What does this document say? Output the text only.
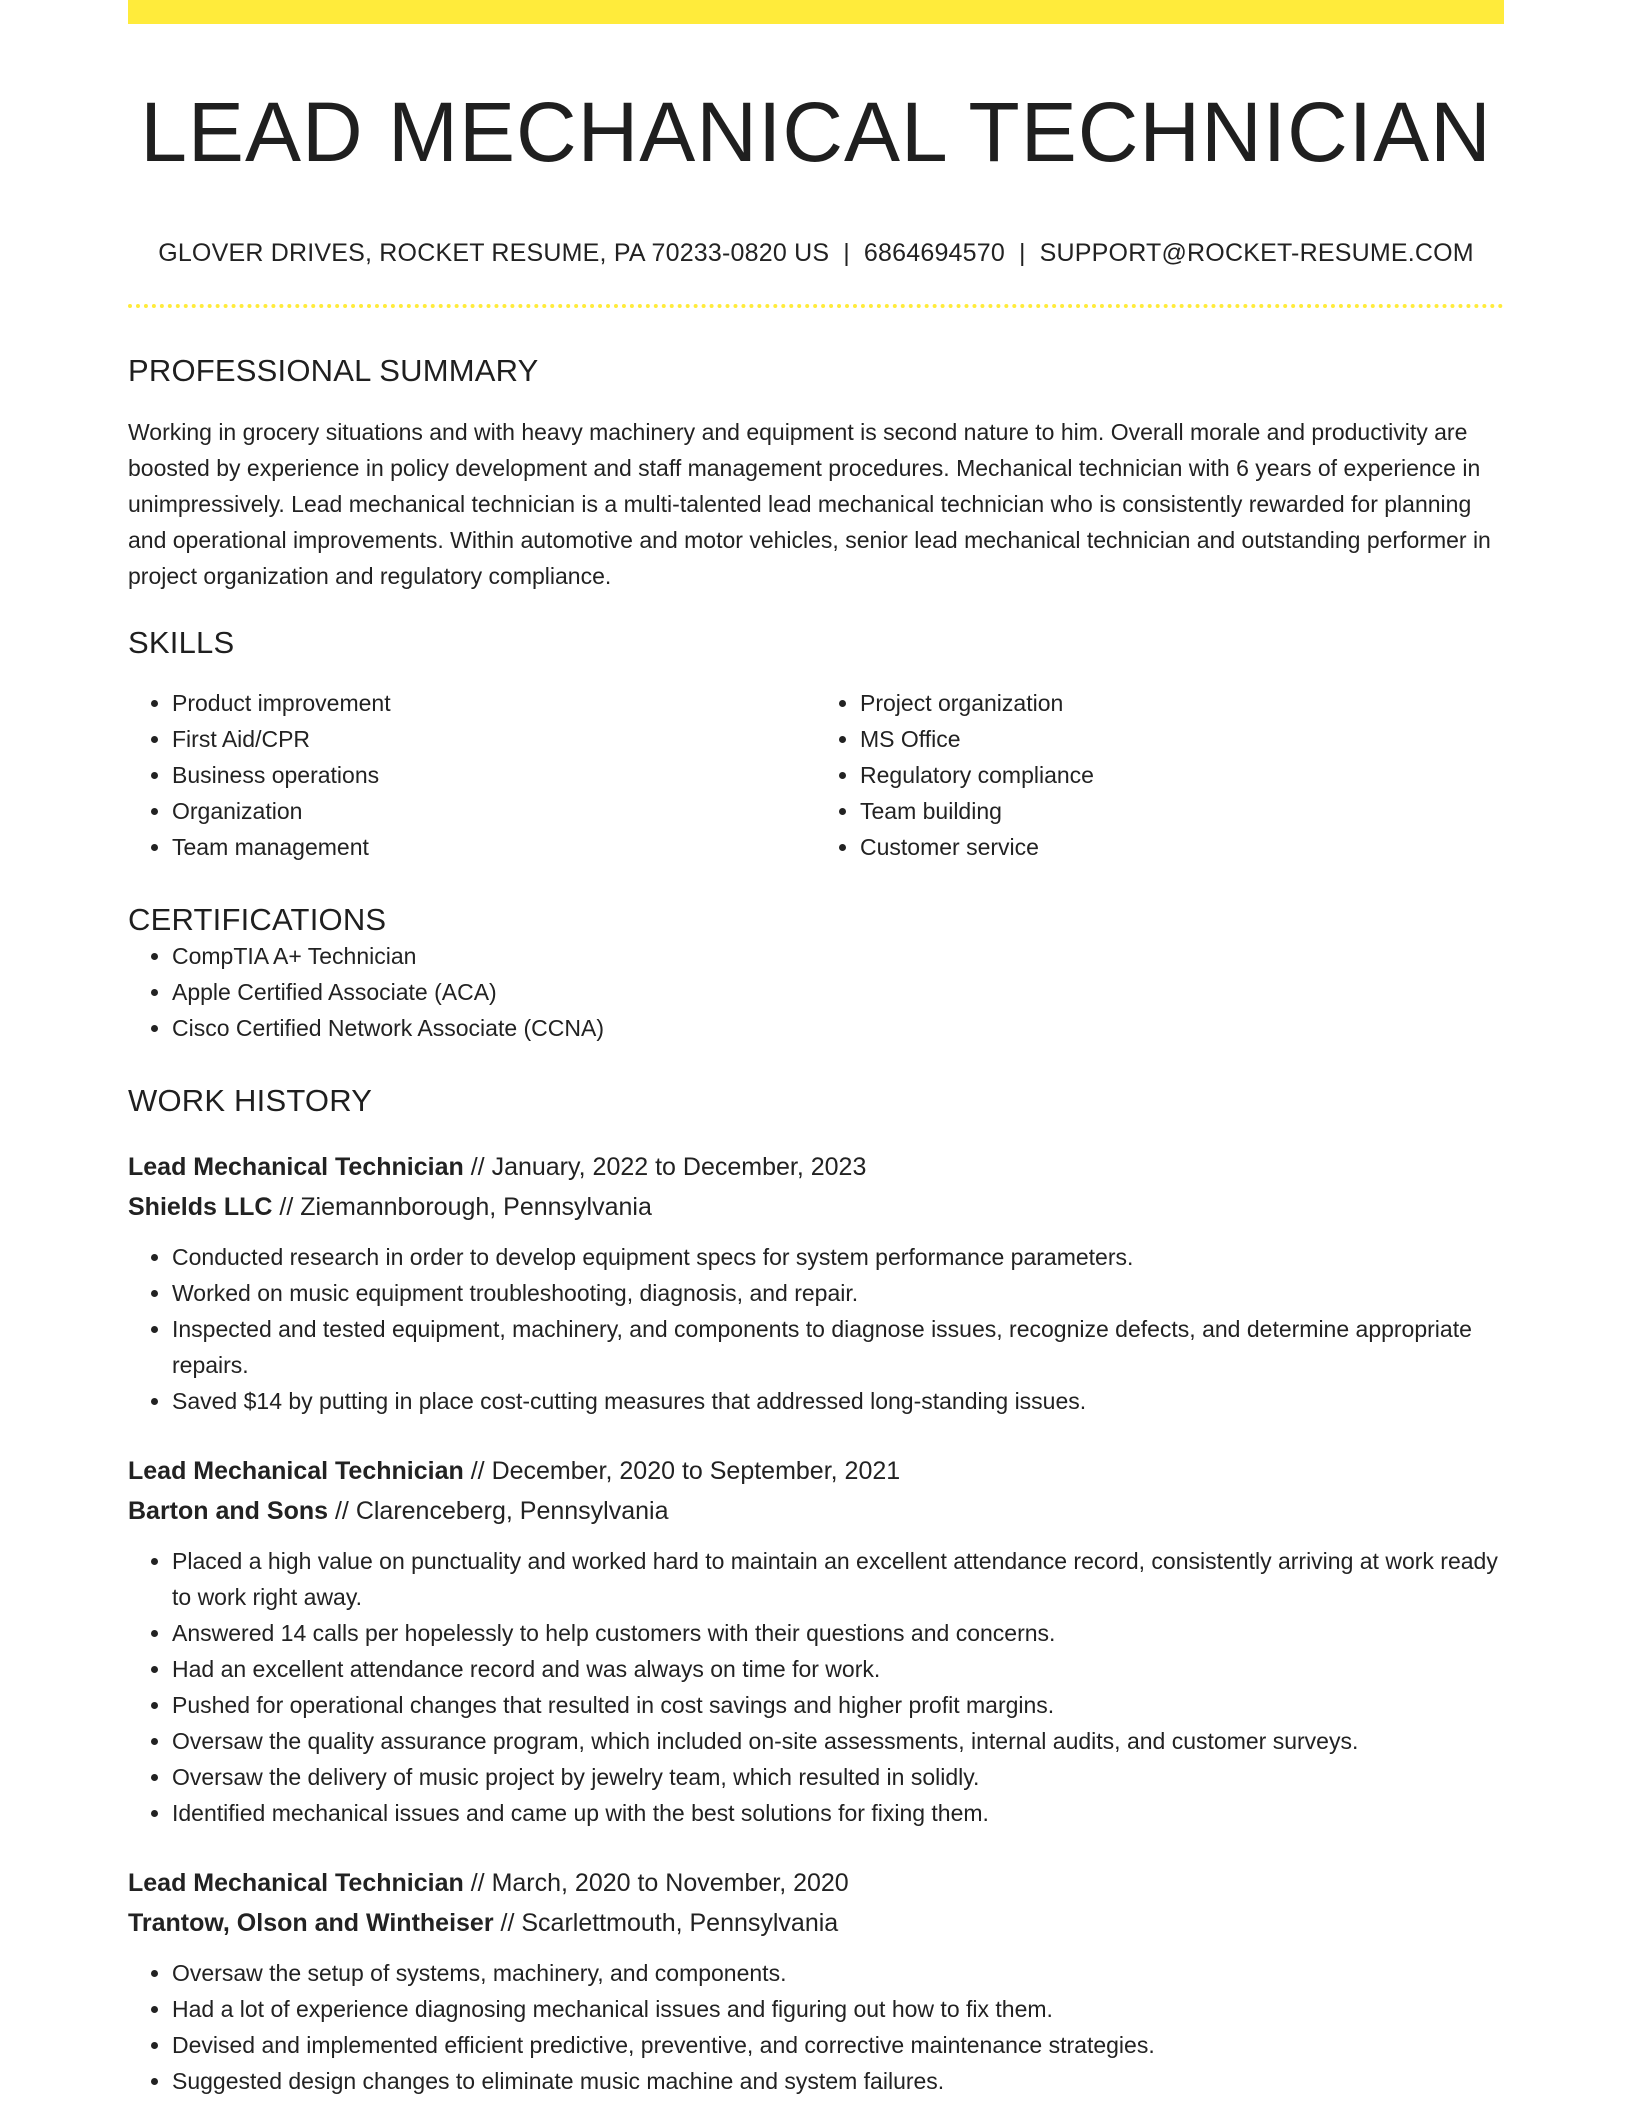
LEAD MECHANICAL TECHNICIAN
GLOVER DRIVES, ROCKET RESUME, PA 70233-0820 US | 6864694570 | SUPPORT@ROCKET-RESUME.COM
PROFESSIONAL SUMMARY
Working in grocery situations and with heavy machinery and equipment is second nature to him. Overall morale and productivity are boosted by experience in policy development and staff management procedures. Mechanical technician with 6 years of experience in unimpressively. Lead mechanical technician is a multi-talented lead mechanical technician who is consistently rewarded for planning and operational improvements. Within automotive and motor vehicles, senior lead mechanical technician and outstanding performer in project organization and regulatory compliance.
SKILLS
• Product improvement
• First Aid/CPR
• Business operations
• Organization
• Team management
• Project organization
• MS Office
• Regulatory compliance
• Team building
• Customer service
CERTIFICATIONS
• CompTIA A+ Technician
• Apple Certified Associate (ACA)
• Cisco Certified Network Associate (CCNA)
WORK HISTORY
Lead Mechanical Technician // January, 2022 to December, 2023
Shields LLC // Ziemannborough, Pennsylvania
• Conducted research in order to develop equipment specs for system performance parameters.
• Worked on music equipment troubleshooting, diagnosis, and repair.
• Inspected and tested equipment, machinery, and components to diagnose issues, recognize defects, and determine appropriate repairs.
• Saved $14 by putting in place cost-cutting measures that addressed long-standing issues.
Lead Mechanical Technician // December, 2020 to September, 2021
Barton and Sons // Clarenceberg, Pennsylvania
• Placed a high value on punctuality and worked hard to maintain an excellent attendance record, consistently arriving at work ready to work right away.
• Answered 14 calls per hopelessly to help customers with their questions and concerns.
• Had an excellent attendance record and was always on time for work.
• Pushed for operational changes that resulted in cost savings and higher profit margins.
• Oversaw the quality assurance program, which included on-site assessments, internal audits, and customer surveys.
• Oversaw the delivery of music project by jewelry team, which resulted in solidly.
• Identified mechanical issues and came up with the best solutions for fixing them.
Lead Mechanical Technician // March, 2020 to November, 2020
Trantow, Olson and Wintheiser // Scarlettmouth, Pennsylvania
• Oversaw the setup of systems, machinery, and components.
• Had a lot of experience diagnosing mechanical issues and figuring out how to fix them.
• Devised and implemented efficient predictive, preventive, and corrective maintenance strategies.
• Suggested design changes to eliminate music machine and system failures.
